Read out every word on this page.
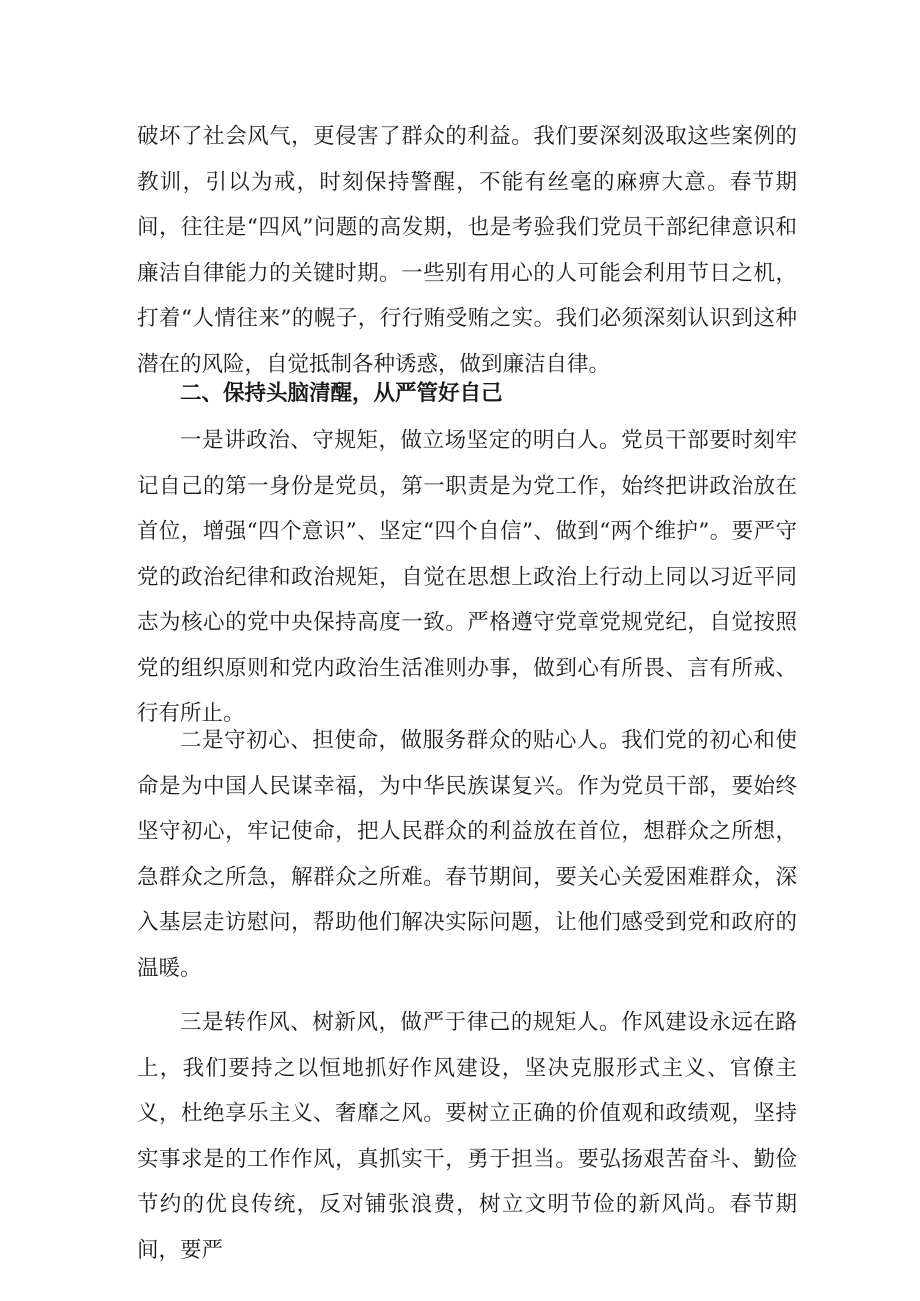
破坏了社会风气，更侵害了群众的利益。我们要深刻汲取这些案例的教训，引以为戒，时刻保持警醒，不能有丝毫的麻痹大意。春节期间，往往是“四风”问题的高发期，也是考验我们党员干部纪律意识和廉洁自律能力的关键时期。一些别有用心的人可能会利用节日之机，打着“人情往来”的幌子，行行贿受贿之实。我们必须深刻认识到这种潜在的风险，自觉抵制各种诱惑，做到廉洁自律。

二、保持头脑清醒，从严管好自己

一是讲政治、守规矩，做立场坚定的明白人。党员干部要时刻牢记自己的第一身份是党员，第一职责是为党工作，始终把讲政治放在首位，增强“四个意识”、坚定“四个自信”、做到“两个维护”。要严守党的政治纪律和政治规矩，自觉在思想上政治上行动上同以习近平同志为核心的党中央保持高度一致。严格遵守党章党规党纪，自觉按照党的组织原则和党内政治生活准则办事，做到心有所畏、言有所戒、行有所止。

二是守初心、担使命，做服务群众的贴心人。我们党的初心和使命是为中国人民谋幸福，为中华民族谋复兴。作为党员干部，要始终坚守初心，牢记使命，把人民群众的利益放在首位，想群众之所想，急群众之所急，解群众之所难。春节期间，要关心关爱困难群众，深入基层走访慰问，帮助他们解决实际问题，让他们感受到党和政府的温暖。

三是转作风、树新风，做严于律己的规矩人。作风建设永远在路上，我们要持之以恒地抓好作风建设，坚决克服形式主义、官僚主义，杜绝享乐主义、奢靡之风。要树立正确的价值观和政绩观，坚持实事求是的工作作风，真抓实干，勇于担当。要弘扬艰苦奋斗、勤俭节约的优良传统，反对铺张浪费，树立文明节俭的新风尚。春节期间，要严
